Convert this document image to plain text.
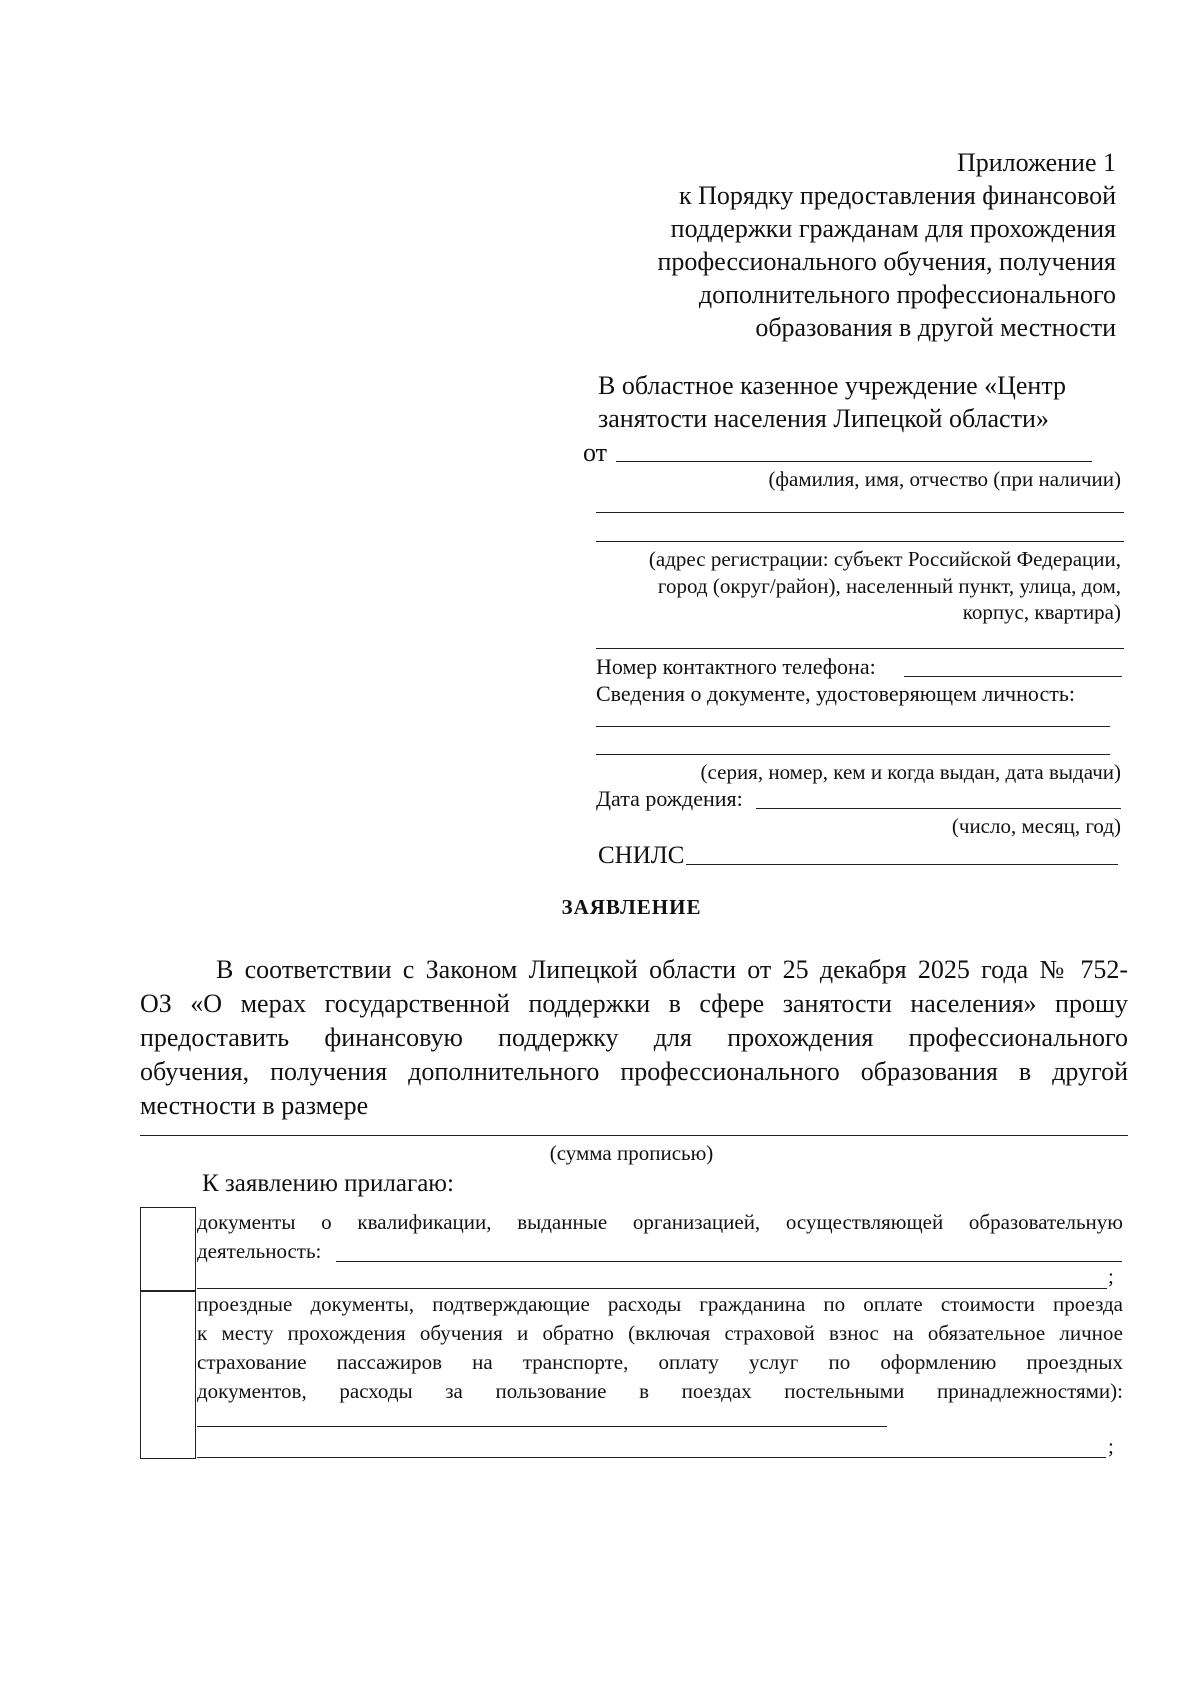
Приложение 1
к Порядку предоставления финансовой
поддержки гражданам для прохождения
профессионального обучения, получения
дополнительного профессионального
образования в другой местности
В областное казенное учреждение «Центр
занятости населения Липецкой области»
от
(фамилия, имя, отчество (при наличии)
(адрес регистрации: субъект Российской Федерации,
город (округ/район), населенный пункт, улица, дом,
корпус, квартира)
Номер контактного телефона:
Сведения о документе, удостоверяющем личность:
(серия, номер, кем и когда выдан, дата выдачи)
Дата рождения:
(число, месяц, год)
СНИЛС
ЗАЯВЛЕНИЕ
В соответствии с Законом Липецкой области от 25 декабря 2025 года № 752-
ОЗ «О мерах государственной поддержки в сфере занятости населения» прошу
предоставить финансовую поддержку для прохождения профессионального
обучения, получения дополнительного профессионального образования в другой
местности в размере
(сумма прописью)
К заявлению прилагаю:
документы о квалификации, выданные организацией, осуществляющей образовательную
деятельность:
;
проездные документы, подтверждающие расходы гражданина по оплате стоимости проезда
к месту прохождения обучения и обратно (включая страховой взнос на обязательное личное
страхование пассажиров на транспорте, оплату услуг по оформлению проездных
документов, расходы за пользование в поездах постельными принадлежностями):
;
